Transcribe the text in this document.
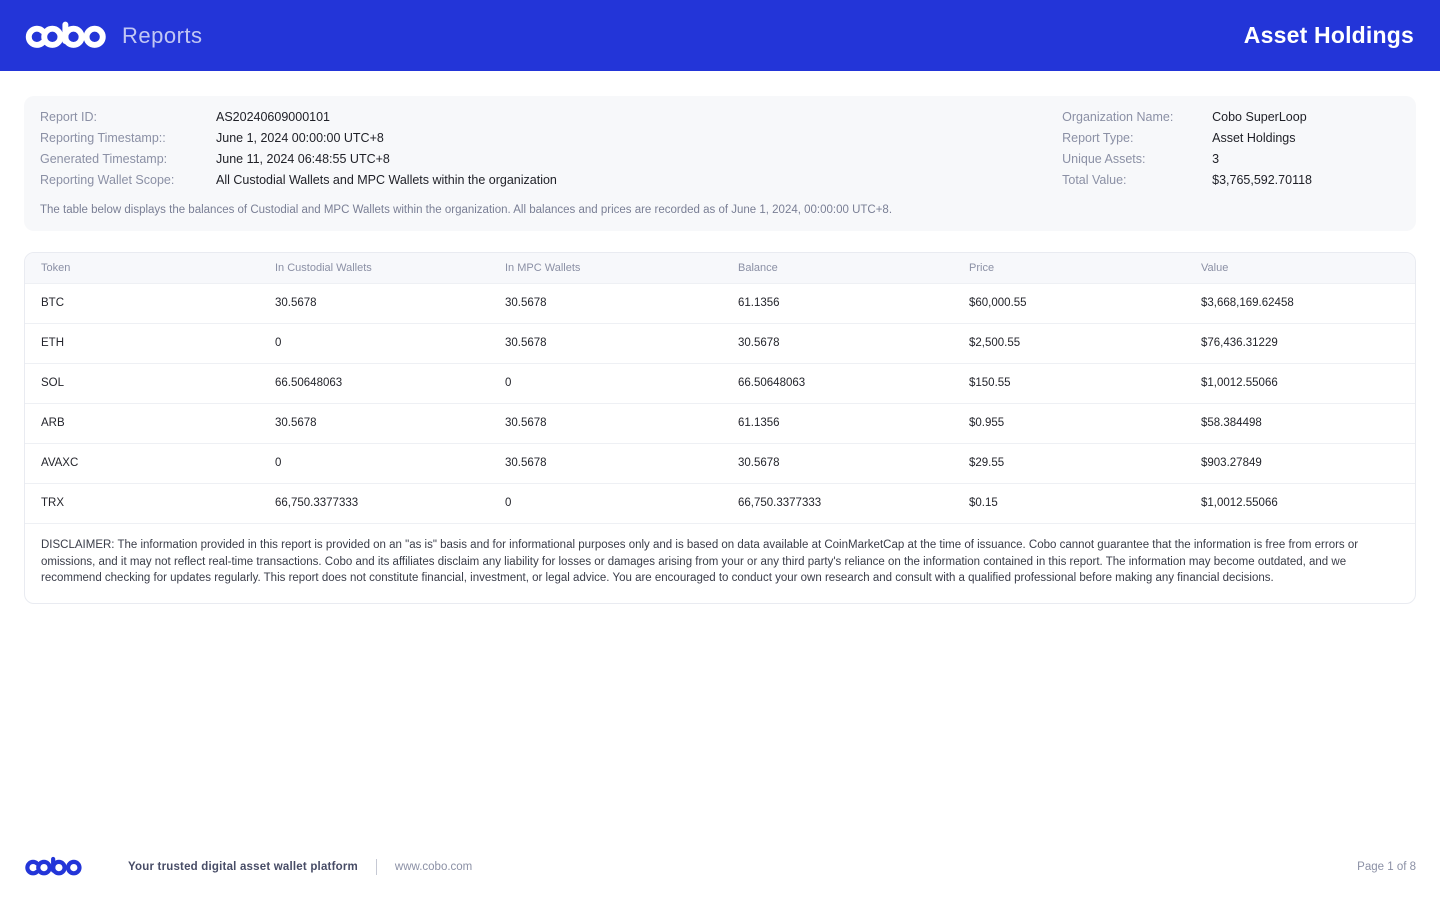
Reports	Asset Holdings
Report ID:	AS20240609000101
Reporting Timestamp::	June 1, 2024 00:00:00 UTC+8
Generated Timestamp:	June 11, 2024 06:48:55 UTC+8
Reporting Wallet Scope:	All Custodial Wallets and MPC Wallets within the organization
Organization Name:	Cobo SuperLoop
Report Type:	Asset Holdings
Unique Assets:	3
Total Value:	$3,765,592.70118
The table below displays the balances of Custodial and MPC Wallets within the organization. All balances and prices are recorded as of June 1, 2024, 00:00:00 UTC+8.
Token	In Custodial Wallets	In MPC Wallets	Balance	Price	Value
BTC	30.5678	30.5678	61.1356	$60,000.55	$3,668,169.62458
ETH	0	30.5678	30.5678	$2,500.55	$76,436.31229
SOL	66.50648063	0	66.50648063	$150.55	$1,0012.55066
ARB	30.5678	30.5678	61.1356	$0.955	$58.384498
AVAXC	0	30.5678	30.5678	$29.55	$903.27849
TRX	66,750.3377333	0	66,750.3377333	$0.15	$1,0012.55066
DISCLAIMER: The information provided in this report is provided on an "as is" basis and for informational purposes only and is based on data available at CoinMarketCap at the time of issuance. Cobo cannot guarantee that the information is free from errors or omissions, and it may not reflect real-time transactions. Cobo and its affiliates disclaim any liability for losses or damages arising from your or any third party's reliance on the information contained in this report. The information may become outdated, and we recommend checking for updates regularly. This report does not constitute financial, investment, or legal advice. You are encouraged to conduct your own research and consult with a qualified professional before making any financial decisions.
Your trusted digital asset wallet platform	www.cobo.com	Page 1 of 8
